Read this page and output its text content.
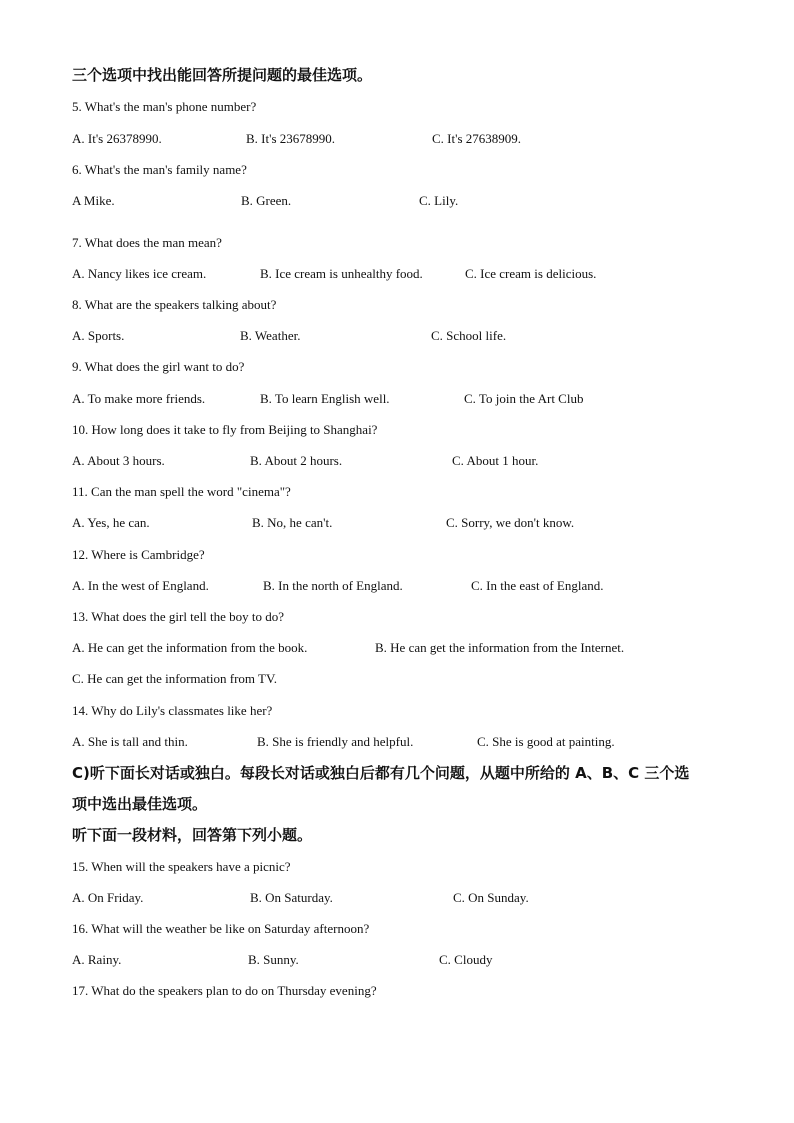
三个选项中找出能回答所提问题的最佳选项。
5. What's the man's phone number?
A. It's 26378990.	B. It's 23678990.	C. It's 27638909.
6. What's the man's family name?
A Mike.	B. Green.	C. Lily.
7. What does the man mean?
A. Nancy likes ice cream.	B. Ice cream is unhealthy food.	C. Ice cream is delicious.
8. What are the speakers talking about?
A. Sports.	B. Weather.	C. School life.
9. What does the girl want to do?
A. To make more friends.	B. To learn English well.	C. To join the Art Club
10. How long does it take to fly from Beijing to Shanghai?
A. About 3 hours.	B. About 2 hours.	C. About 1 hour.
11. Can the man spell the word "cinema"?
A. Yes, he can.	B. No, he can't.	C. Sorry, we don't know.
12. Where is Cambridge?
A. In the west of England.	B. In the north of England.	C. In the east of England.
13. What does the girl tell the boy to do?
A. He can get the information from the book.	B. He can get the information from the Internet.
C. He can get the information from TV.
14. Why do Lily's classmates like her?
A. She is tall and thin.	B. She is friendly and helpful.	C. She is good at painting.
C)听下面长对话或独白。每段长对话或独白后都有几个问题，从题中所给的 A、B、C 三个选
项中选出最佳选项。
听下面一段材料，回答第下列小题。
15. When will the speakers have a picnic?
A. On Friday.	B. On Saturday.	C. On Sunday.
16. What will the weather be like on Saturday afternoon?
A. Rainy.	B. Sunny.	C. Cloudy
17. What do the speakers plan to do on Thursday evening?
